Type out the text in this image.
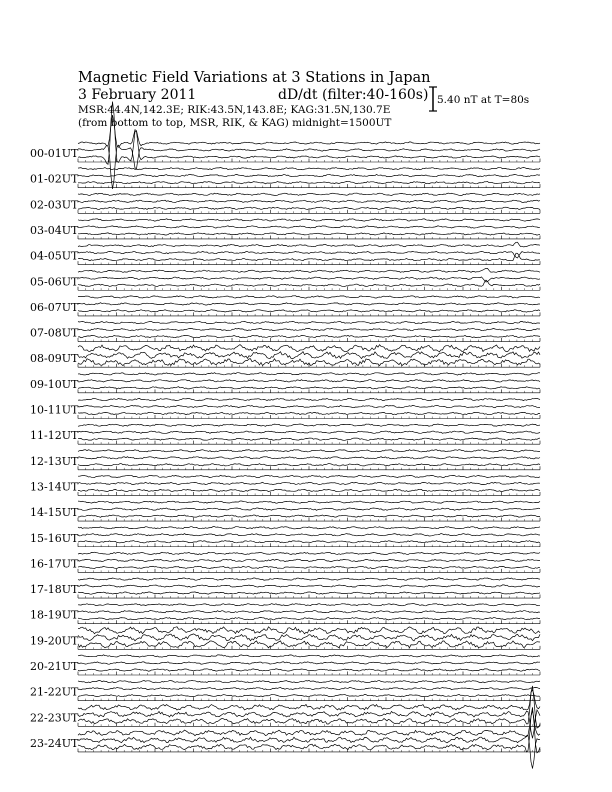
Magnetic Field Variations at 3 Stations in Japan
3 February 2011	dD/dt (filter:40-160s)
MSR:44.4N,142.3E; RIK:43.5N,143.8E; KAG:31.5N,130.7E
(from bottom to top, MSR, RIK, & KAG) midnight=1500UT
5.40 nT at T=80s
00-01UT
01-02UT
02-03UT
03-04UT
04-05UT
05-06UT
06-07UT
07-08UT
08-09UT
09-10UT
10-11UT
11-12UT
12-13UT
13-14UT
14-15UT
15-16UT
16-17UT
17-18UT
18-19UT
19-20UT
20-21UT
21-22UT
22-23UT
23-24UT
